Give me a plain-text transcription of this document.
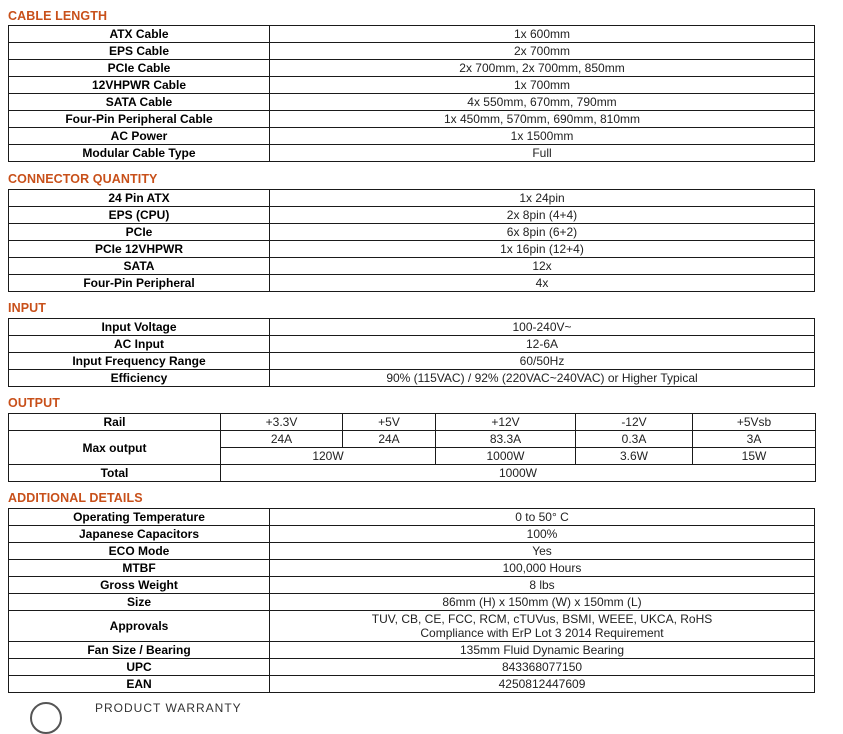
CABLE LENGTH
ATX Cable	1x 600mm
EPS Cable	2x 700mm
PCIe Cable	2x 700mm, 2x 700mm, 850mm
12VHPWR Cable	1x 700mm
SATA Cable	4x 550mm, 670mm, 790mm
Four-Pin Peripheral Cable	1x 450mm, 570mm, 690mm, 810mm
AC Power	1x 1500mm
Modular Cable Type	Full
CONNECTOR QUANTITY
24 Pin ATX	1x 24pin
EPS (CPU)	2x 8pin (4+4)
PCIe	6x 8pin (6+2)
PCIe 12VHPWR	1x 16pin (12+4)
SATA	12x
Four-Pin Peripheral	4x
INPUT
Input Voltage	100-240V~
AC Input	12-6A
Input Frequency Range	60/50Hz
Efficiency	90% (115VAC) / 92% (220VAC~240VAC) or Higher Typical
OUTPUT
Rail	+3.3V	+5V	+12V	-12V	+5Vsb
Max output	24A	24A	83.3A	0.3A	3A
	120W		1000W	3.6W	15W
Total	1000W				
ADDITIONAL DETAILS
Operating Temperature	0 to 50° C
Japanese Capacitors	100%
ECO Mode	Yes
MTBF	100,000 Hours
Gross Weight	8 lbs
Size	86mm (H) x 150mm (W) x 150mm (L)
Approvals	TUV, CB, CE, FCC, RCM, cTUVus, BSMI, WEEE, UKCA, RoHS
Compliance with ErP Lot 3 2014 Requirement

Fan Size / Bearing	135mm Fluid Dynamic Bearing
UPC	843368077150
EAN	4250812447609
PRODUCT WARRANTY
